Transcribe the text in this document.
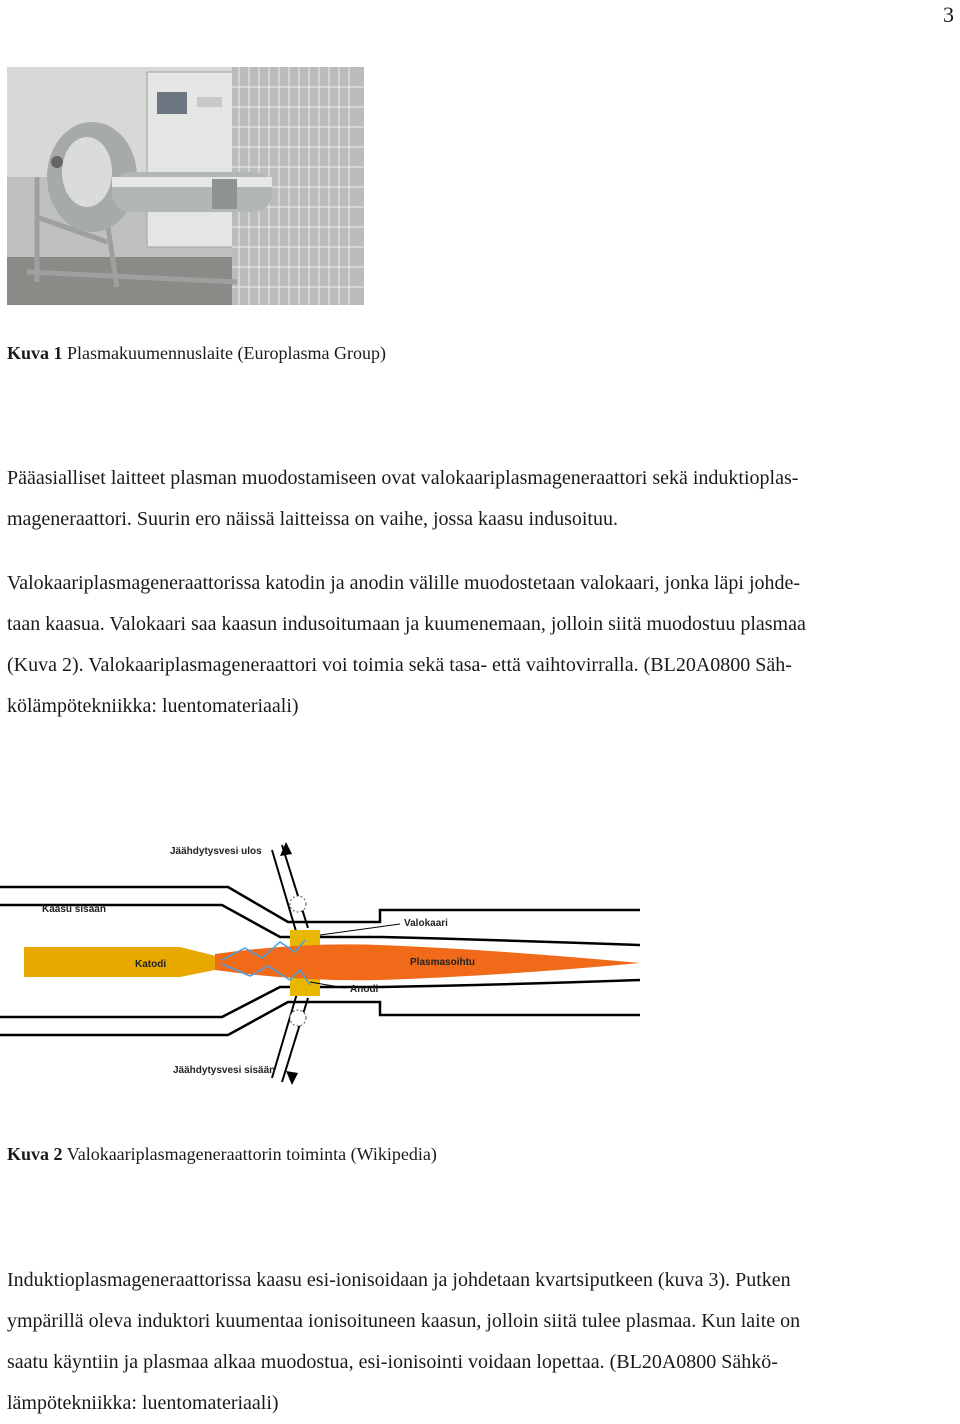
3
Kuva 1 Plasmakuumennuslaite (Europlasma Group)
Pääasialliset laitteet plasman muodostamiseen ovat valokaariplasmageneraattori sekä induktioplas-
mageneraattori. Suurin ero näissä laitteissa on vaihe, jossa kaasu indusoituu.
Valokaariplasmageneraattorissa katodin ja anodin välille muodostetaan valokaari, jonka läpi johde-
taan kaasua. Valokaari saa kaasun indusoitumaan ja kuumenemaan, jolloin siitä muodostuu plasmaa
(Kuva 2). Valokaariplasmageneraattori voi toimia sekä tasa- että vaihtovirralla. (BL20A0800 Säh-
kölämpötekniikka: luentomateriaali)
Jäähdytysvesi ulos
Kaasu sisään
Valokaari
Katodi	Plasmasoihtu
Anodi
Jäähdytysvesi sisään
Kuva 2 Valokaariplasmageneraattorin toiminta (Wikipedia)
Induktioplasmageneraattorissa kaasu esi-ionisoidaan ja johdetaan kvartsiputkeen (kuva 3). Putken
ympärillä oleva induktori kuumentaa ionisoituneen kaasun, jolloin siitä tulee plasmaa. Kun laite on
saatu käyntiin ja plasmaa alkaa muodostua, esi-ionisointi voidaan lopettaa. (BL20A0800 Sähkö-
lämpötekniikka: luentomateriaali)
